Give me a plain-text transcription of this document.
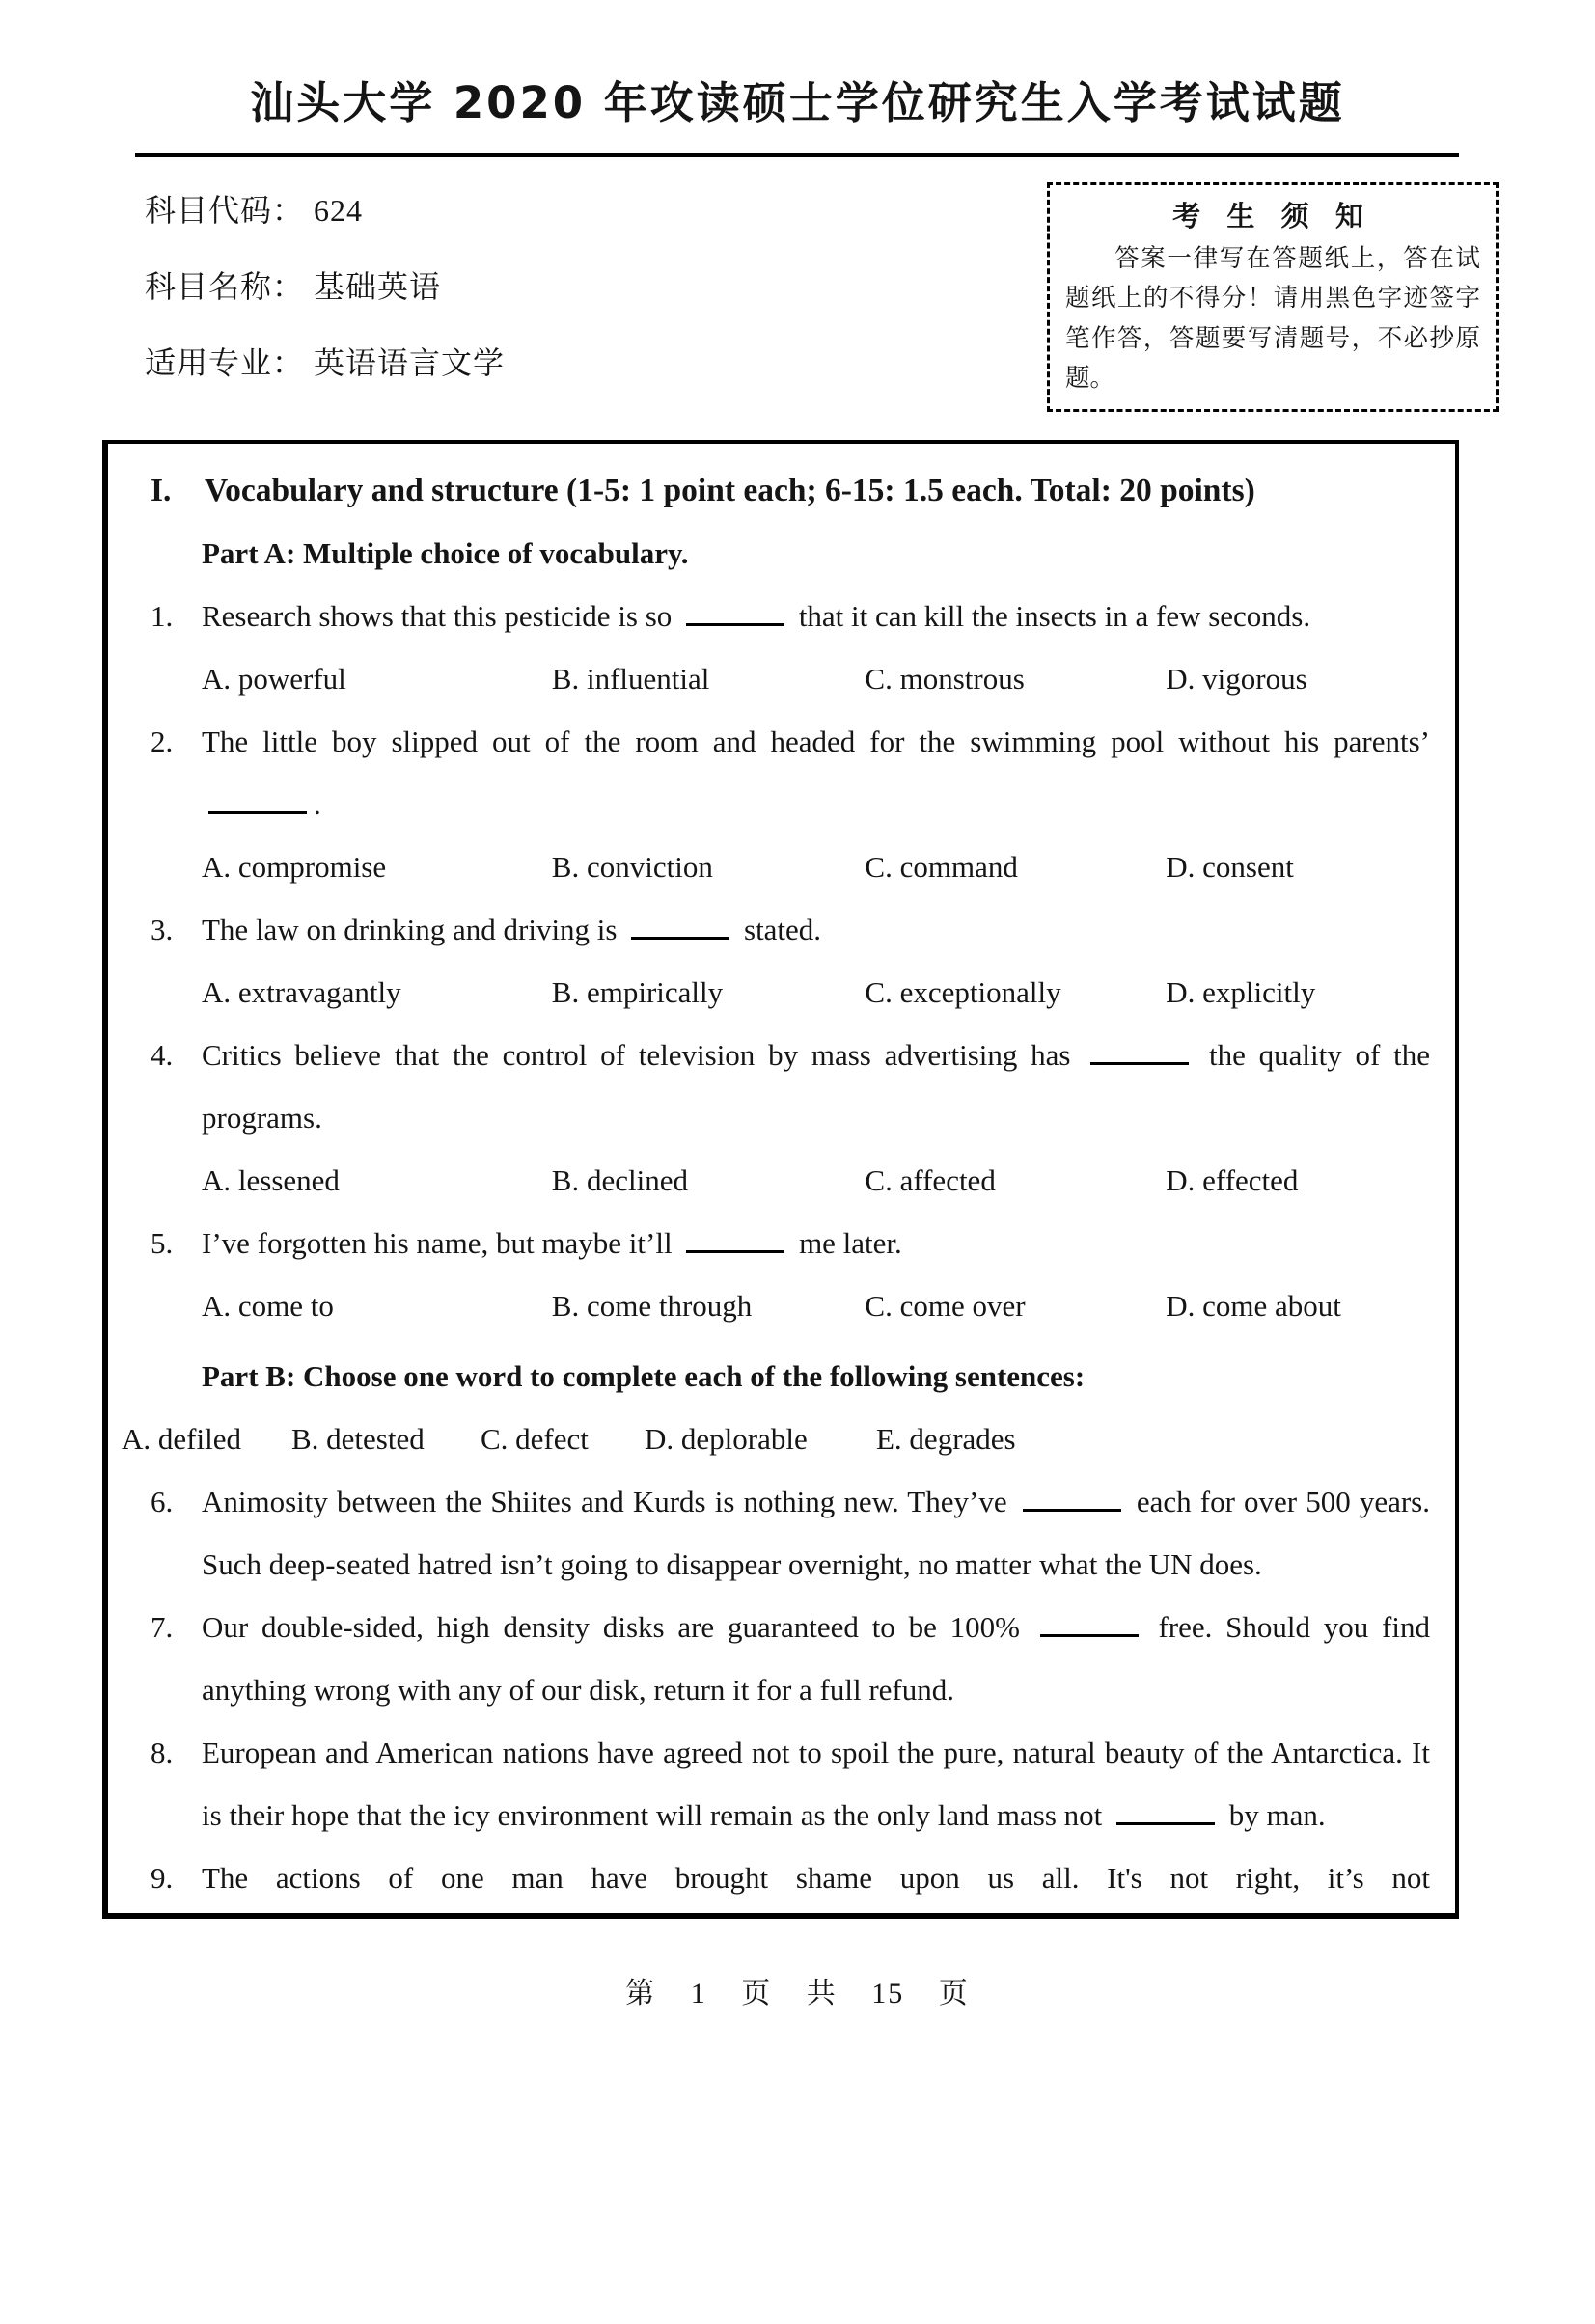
汕头大学 2020 年攻读硕士学位研究生入学考试试题
科目代码： 624
科目名称： 基础英语
适用专业： 英语语言文学
考 生 须 知
答案一律写在答题纸上，答在试题纸上的不得分！请用黑色字迹签字笔作答，答题要写清题号，不必抄原题。
I.	Vocabulary and structure (1-5: 1 point each; 6-15: 1.5 each. Total: 20 points)
Part A: Multiple choice of vocabulary.
1. Research shows that this pesticide is so	that it can kill the insects in a few seconds.
A. powerful	B. influential	C. monstrous	D. vigorous
2. The little boy slipped out of the room and headed for the swimming pool without his parents’ .
A. compromise	B. conviction	C. command	D. consent
3. The law on drinking and driving is	stated.
A. extravagantly	B. empirically	C. exceptionally	D. explicitly
4. Critics believe that the control of television by mass advertising has	the quality of the programs.
A. lessened	B. declined	C. affected	D. effected
5. I’ve forgotten his name, but maybe it’ll	me later.
A. come to	B. come through	C. come over	D. come about
Part B: Choose one word to complete each of the following sentences:
A. defiled	B. detested	C. defect	D. deplorable	E. degrades
6. Animosity between the Shiites and Kurds is nothing new. They’ve	each for over 500 years. Such deep-seated hatred isn’t going to disappear overnight, no matter what the UN does.
7. Our double-sided, high density disks are guaranteed to be 100%	free. Should you find anything wrong with any of our disk, return it for a full refund.
8. European and American nations have agreed not to spoil the pure, natural beauty of the Antarctica. It is their hope that the icy environment will remain as the only land mass not	by man.
9. The actions of one man have brought shame upon us all. It's not right, it’s not
第 1 页 共 15 页
